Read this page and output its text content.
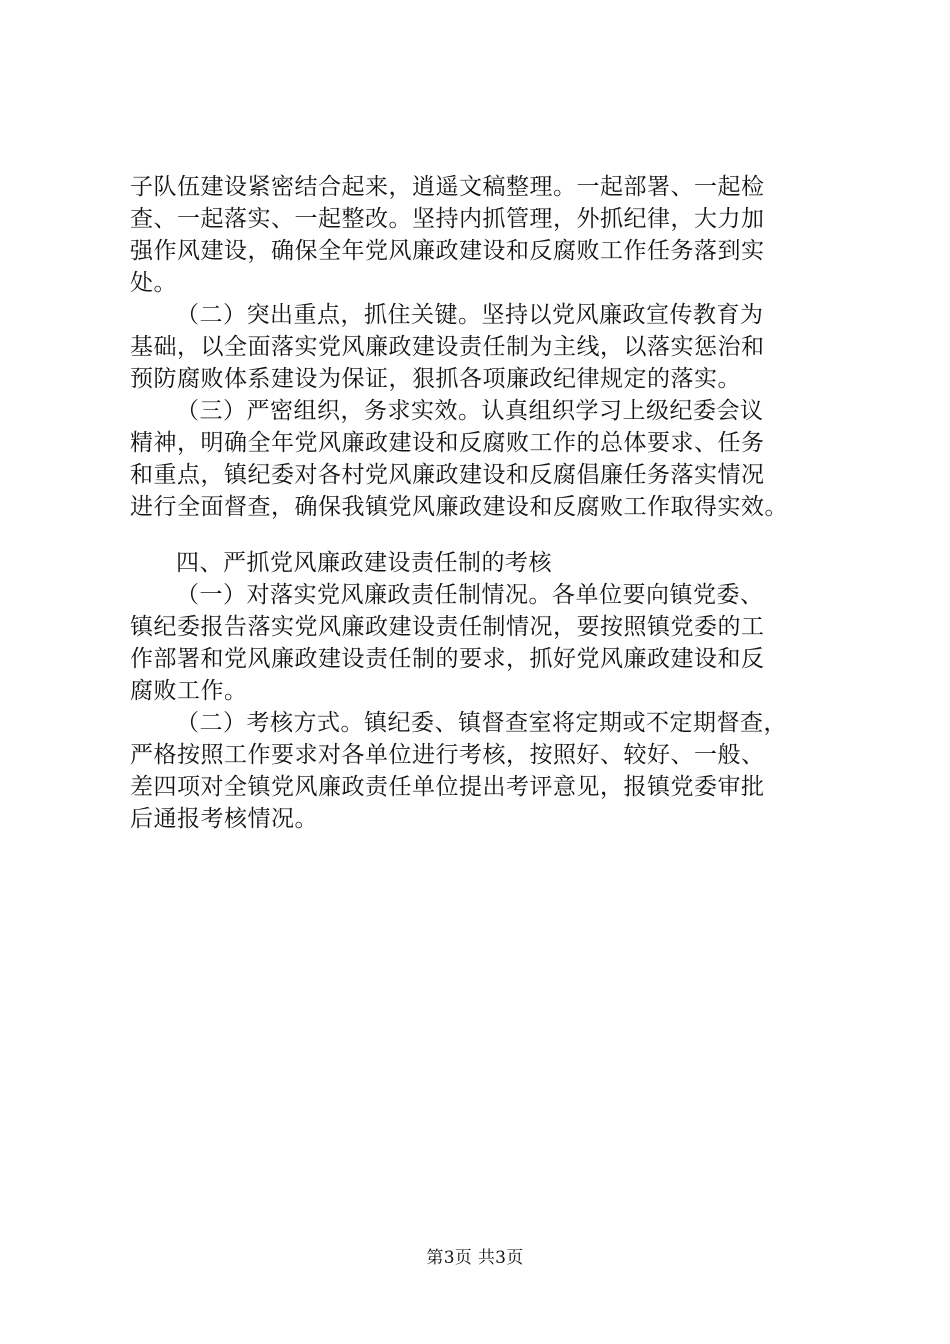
子队伍建设紧密结合起来，逍遥文稿整理。一起部署、一起检
查、一起落实、一起整改。坚持内抓管理，外抓纪律，大力加
强作风建设，确保全年党风廉政建设和反腐败工作任务落到实
处。
（二）突出重点，抓住关键。坚持以党风廉政宣传教育为
基础，以全面落实党风廉政建设责任制为主线，以落实惩治和
预防腐败体系建设为保证，狠抓各项廉政纪律规定的落实。
（三）严密组织，务求实效。认真组织学习上级纪委会议
精神，明确全年党风廉政建设和反腐败工作的总体要求、任务
和重点，镇纪委对各村党风廉政建设和反腐倡廉任务落实情况
进行全面督查，确保我镇党风廉政建设和反腐败工作取得实效。
四、严抓党风廉政建设责任制的考核
（一）对落实党风廉政责任制情况。各单位要向镇党委、
镇纪委报告落实党风廉政建设责任制情况，要按照镇党委的工
作部署和党风廉政建设责任制的要求，抓好党风廉政建设和反
腐败工作。
（二）考核方式。镇纪委、镇督查室将定期或不定期督查，
严格按照工作要求对各单位进行考核，按照好、较好、一般、
差四项对全镇党风廉政责任单位提出考评意见，报镇党委审批
后通报考核情况。
第3页 共3页
